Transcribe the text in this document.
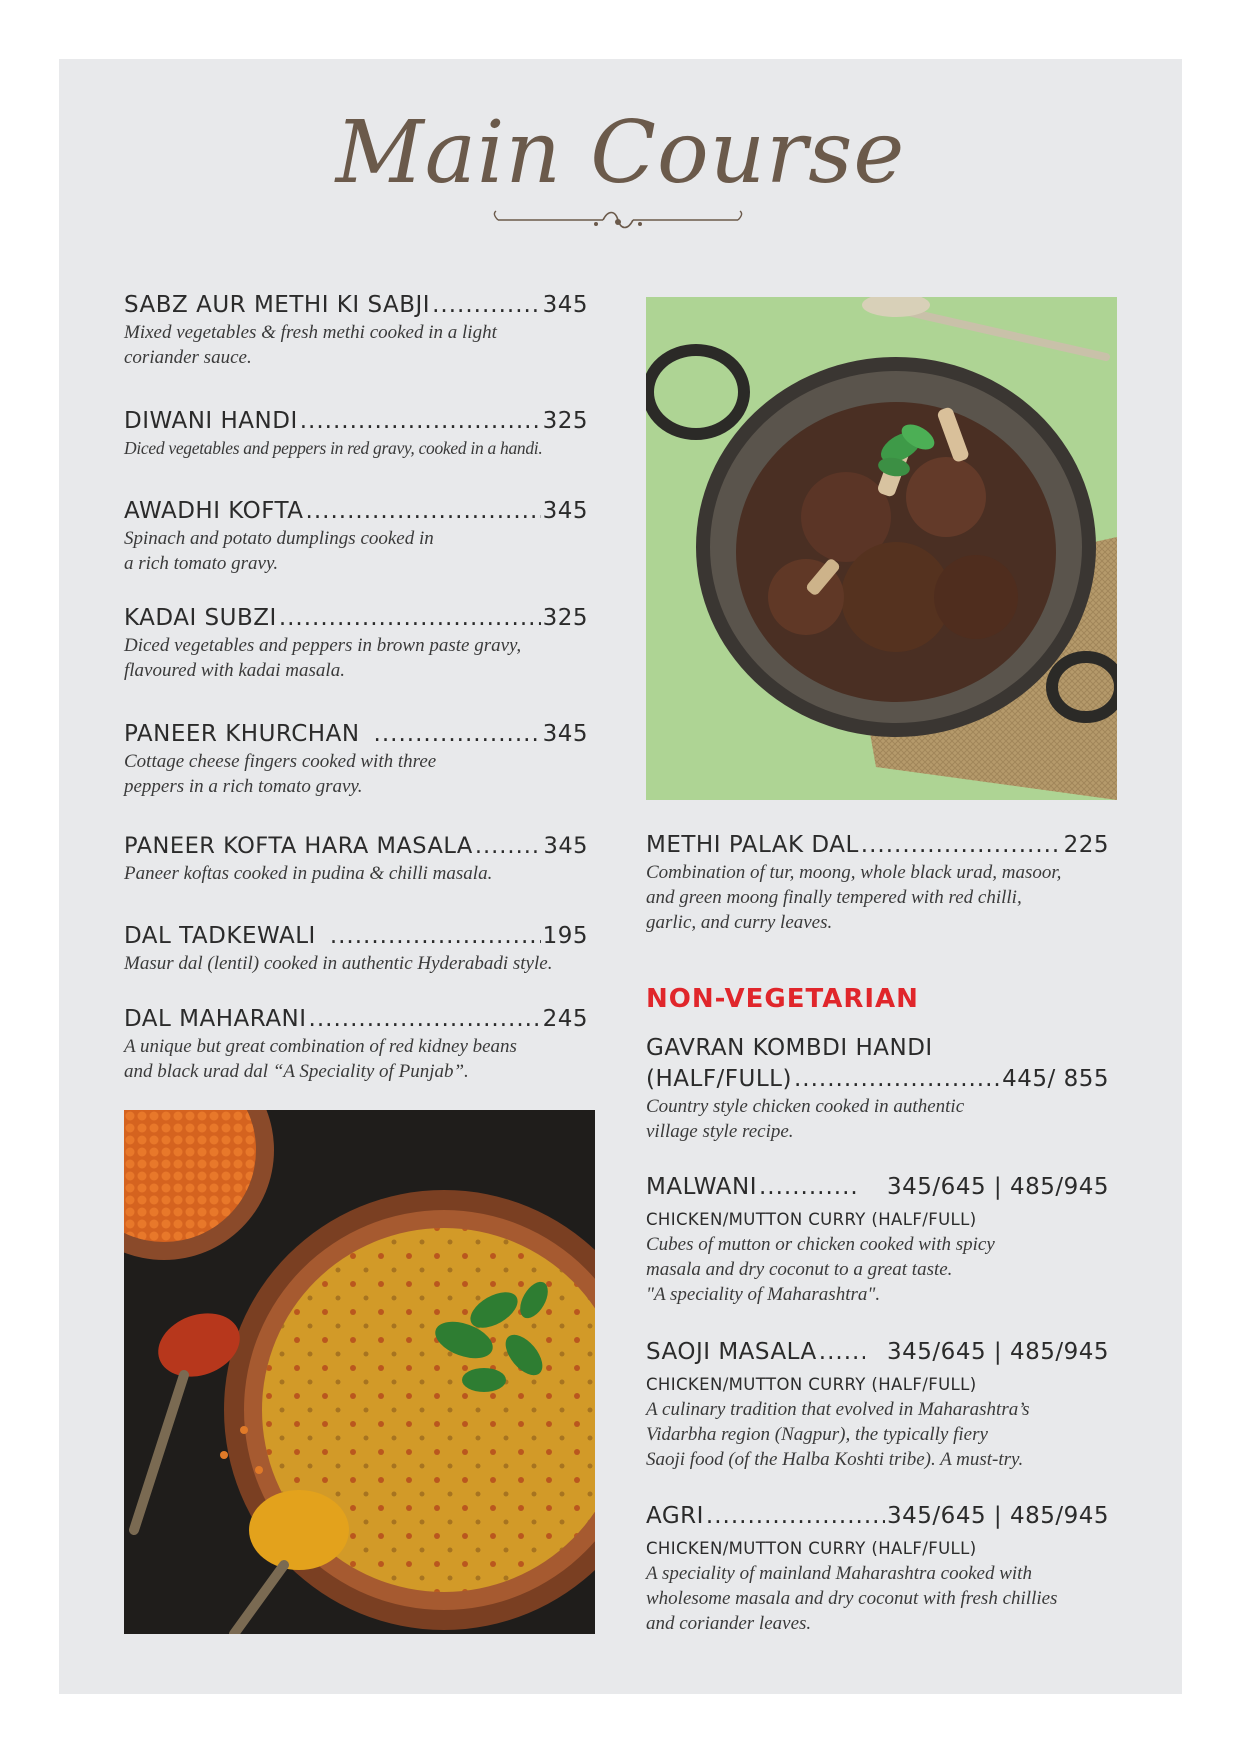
Main Course
SABZ AUR METHI KI SABJI .....	345
Mixed vegetables & fresh methi cooked in a light
coriander sauce.
DIWANI HANDI .....	325
Diced vegetables and peppers in red gravy, cooked in a handi.
AWADHI KOFTA .....	345
Spinach and potato dumplings cooked in
a rich tomato gravy.
KADAI SUBZI .....	325
Diced vegetables and peppers in brown paste gravy,
flavoured with kadai masala.
PANEER KHURCHAN .....	345
Cottage cheese fingers cooked with three
peppers in a rich tomato gravy.
PANEER KOFTA HARA MASALA .....	345
Paneer koftas cooked in pudina & chilli masala.
DAL TADKEWALI .....	195
Masur dal (lentil) cooked in authentic Hyderabadi style.
DAL MAHARANI .....	245
A unique but great combination of red kidney beans
and black urad dal “A Speciality of Punjab”.
METHI PALAK DAL .....	225
Combination of tur, moong, whole black urad, masoor,
and green moong finally tempered with red chilli,
garlic, and curry leaves.
NON-VEGETARIAN
GAVRAN KOMBDI HANDI
(HALF/FULL) .....	445/ 855
Country style chicken cooked in authentic
village style recipe.
MALWANI .....	345/645 | 485/945
CHICKEN/MUTTON CURRY (HALF/FULL)
Cubes of mutton or chicken cooked with spicy
masala and dry coconut to a great taste.
"A speciality of Maharashtra".
SAOJI MASALA .....	345/645 | 485/945
CHICKEN/MUTTON CURRY (HALF/FULL)
A culinary tradition that evolved in Maharashtra’s
Vidarbha region (Nagpur), the typically fiery
Saoji food (of the Halba Koshti tribe). A must-try.
AGRI .....	345/645 | 485/945
CHICKEN/MUTTON CURRY (HALF/FULL)
A speciality of mainland Maharashtra cooked with
wholesome masala and dry coconut with fresh chillies
and coriander leaves.
